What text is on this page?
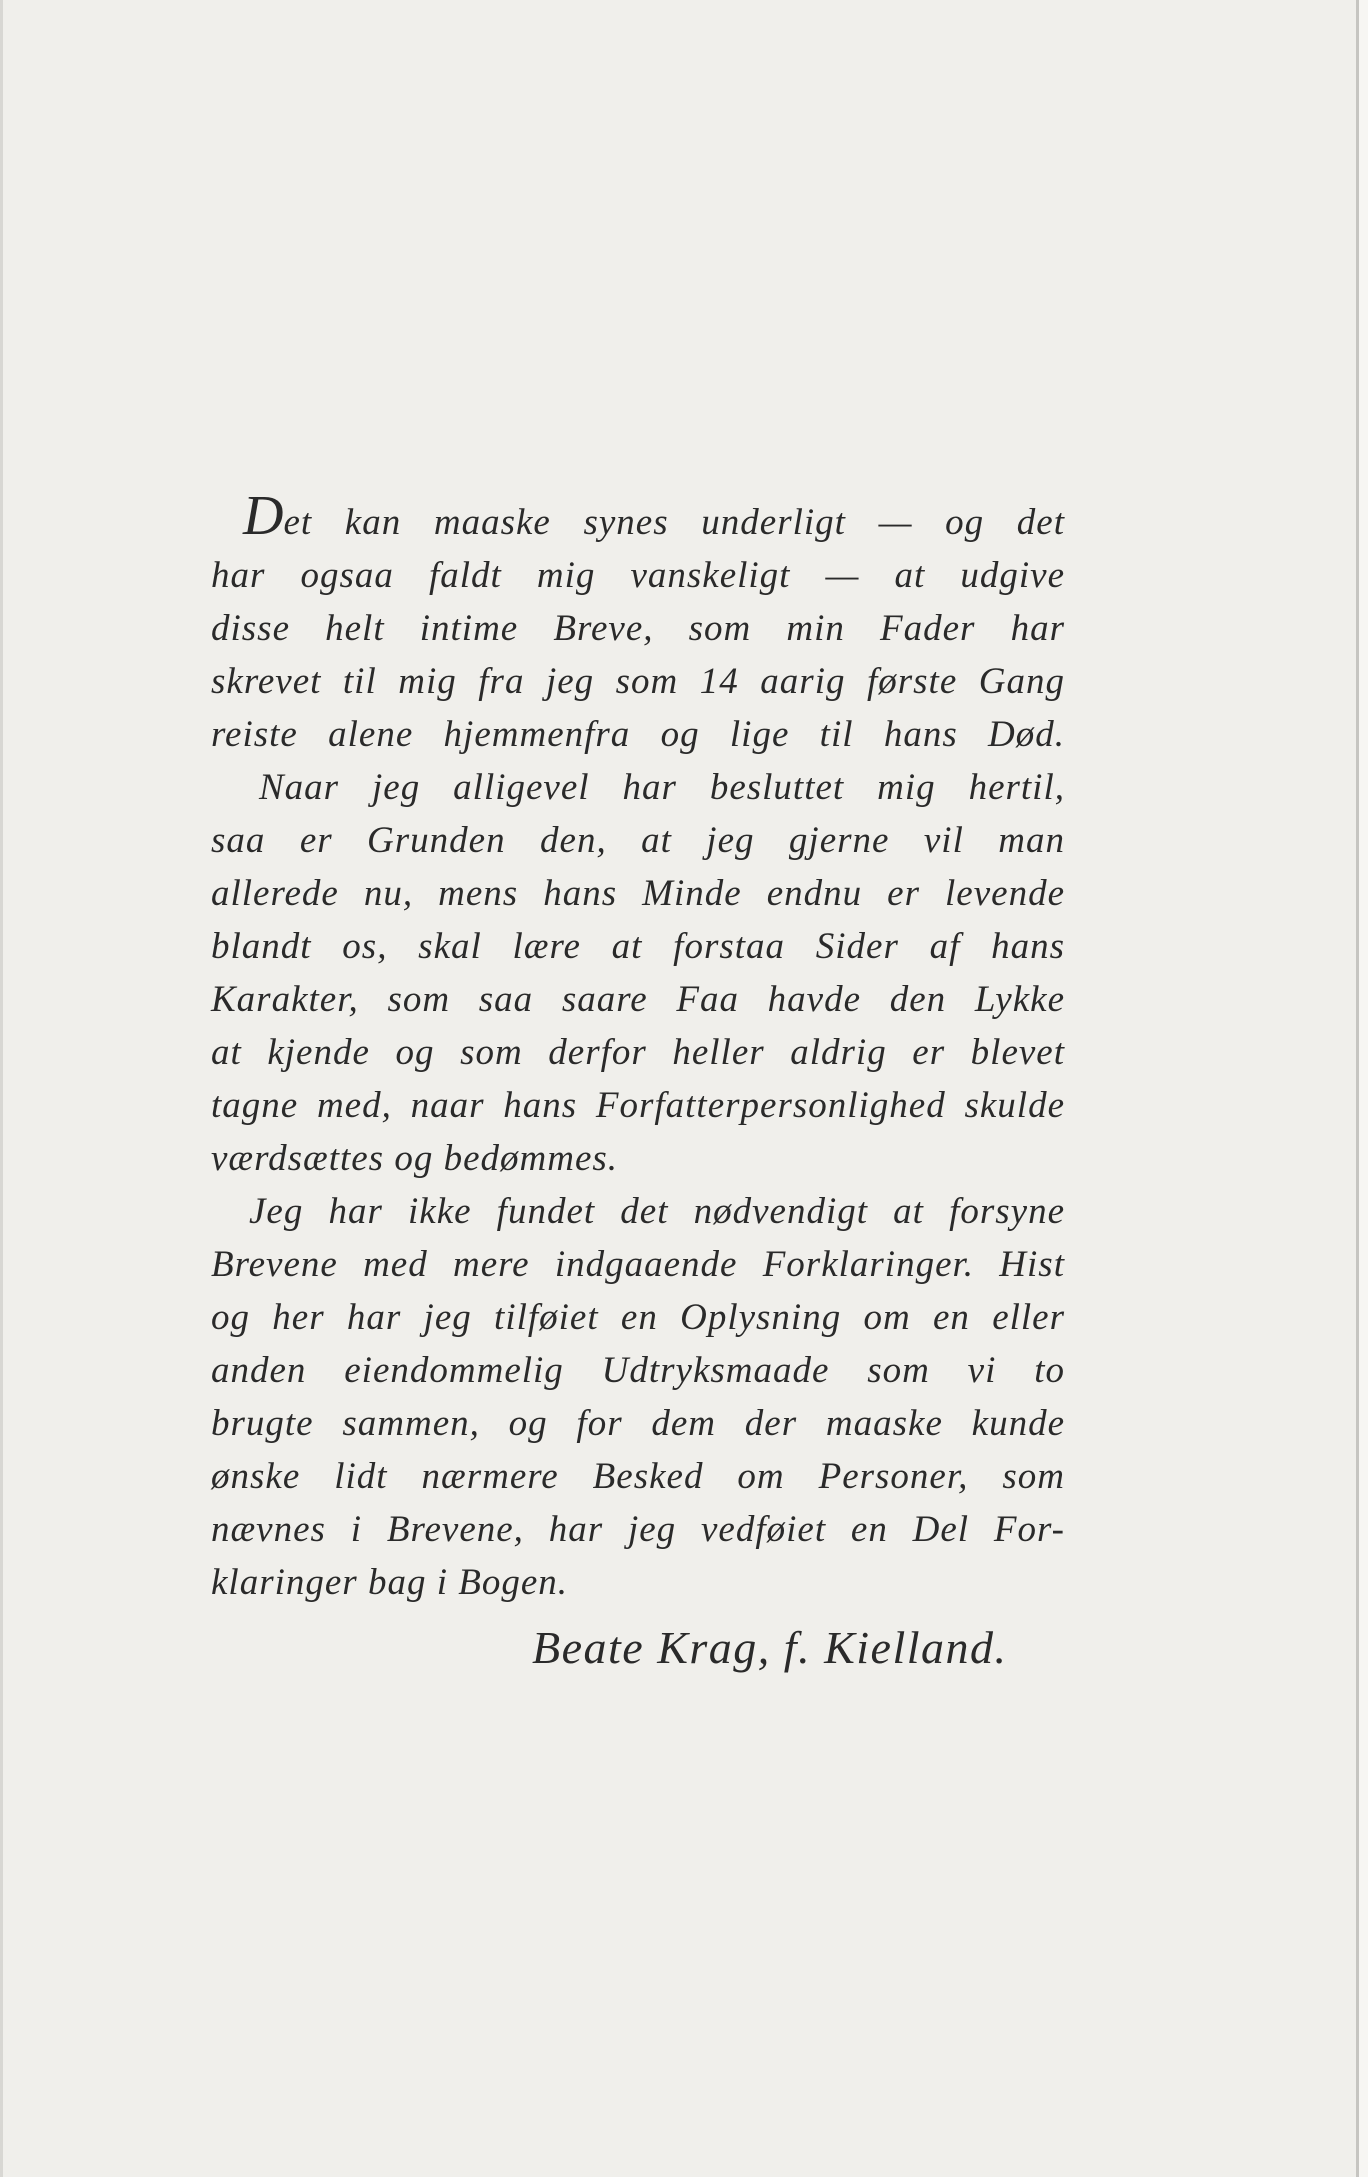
Det kan maaske synes underligt — og det
har ogsaa faldt mig vanskeligt — at udgive
disse helt intime Breve, som min Fader har
skrevet til mig fra jeg som 14 aarig første Gang
reiste alene hjemmenfra og lige til hans Død.
Naar jeg alligevel har besluttet mig hertil,
saa er Grunden den, at jeg gjerne vil man
allerede nu, mens hans Minde endnu er levende
blandt os, skal lære at forstaa Sider af hans
Karakter, som saa saare Faa havde den Lykke
at kjende og som derfor heller aldrig er blevet
tagne med, naar hans Forfatterpersonlighed skulde
værdsættes og bedømmes.
Jeg har ikke fundet det nødvendigt at forsyne
Brevene med mere indgaaende Forklaringer. Hist
og her har jeg tilføiet en Oplysning om en eller
anden eiendommelig Udtryksmaade som vi to
brugte sammen, og for dem der maaske kunde
ønske lidt nærmere Besked om Personer, som
nævnes i Brevene, har jeg vedføiet en Del For-
klaringer bag i Bogen.
Beate Krag, f. Kielland.
